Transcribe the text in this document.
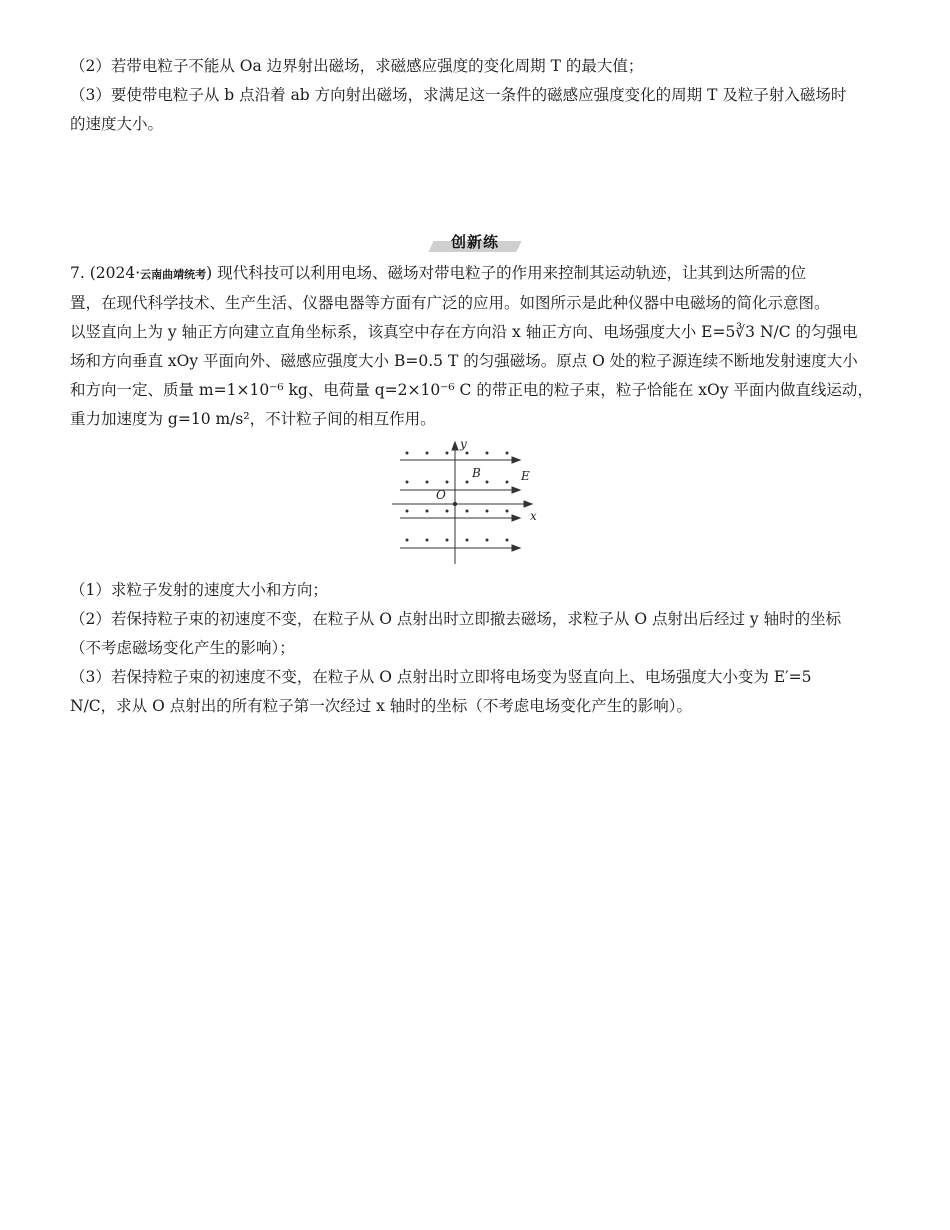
（2）若带电粒子不能从 Oa 边界射出磁场，求磁感应强度的变化周期 T 的最大值；

（3）要使带电粒子从 b 点沿着 ab 方向射出磁场，求满足这一条件的磁感应强度变化的周期 T 及粒子射入磁场时

的速度大小。

创新练

7. (2024·云南曲靖统考) 现代科技可以利用电场、磁场对带电粒子的作用来控制其运动轨迹，让其到达所需的位

置，在现代科学技术、生产生活、仪器电器等方面有广泛的应用。如图所示是此种仪器中电磁场的简化示意图。

以竖直向上为 y 轴正方向建立直角坐标系，该真空中存在方向沿 x 轴正方向、电场强度大小 E=5∛3 N/C 的匀强电

场和方向垂直 xOy 平面向外、磁感应强度大小 B=0.5 T 的匀强磁场。原点 O 处的粒子源连续不断地发射速度大小

和方向一定、质量 m=1×10⁻⁶ kg、电荷量 q=2×10⁻⁶ C 的带正电的粒子束，粒子恰能在 xOy 平面内做直线运动，

重力加速度为 g=10 m/s²，不计粒子间的相互作用。

y
x
E
B
O

（1）求粒子发射的速度大小和方向；

（2）若保持粒子束的初速度不变，在粒子从 O 点射出时立即撤去磁场，求粒子从 O 点射出后经过 y 轴时的坐标

（不考虑磁场变化产生的影响）；

（3）若保持粒子束的初速度不变，在粒子从 O 点射出时立即将电场变为竖直向上、电场强度大小变为 E′=5

N/C，求从 O 点射出的所有粒子第一次经过 x 轴时的坐标（不考虑电场变化产生的影响）。
